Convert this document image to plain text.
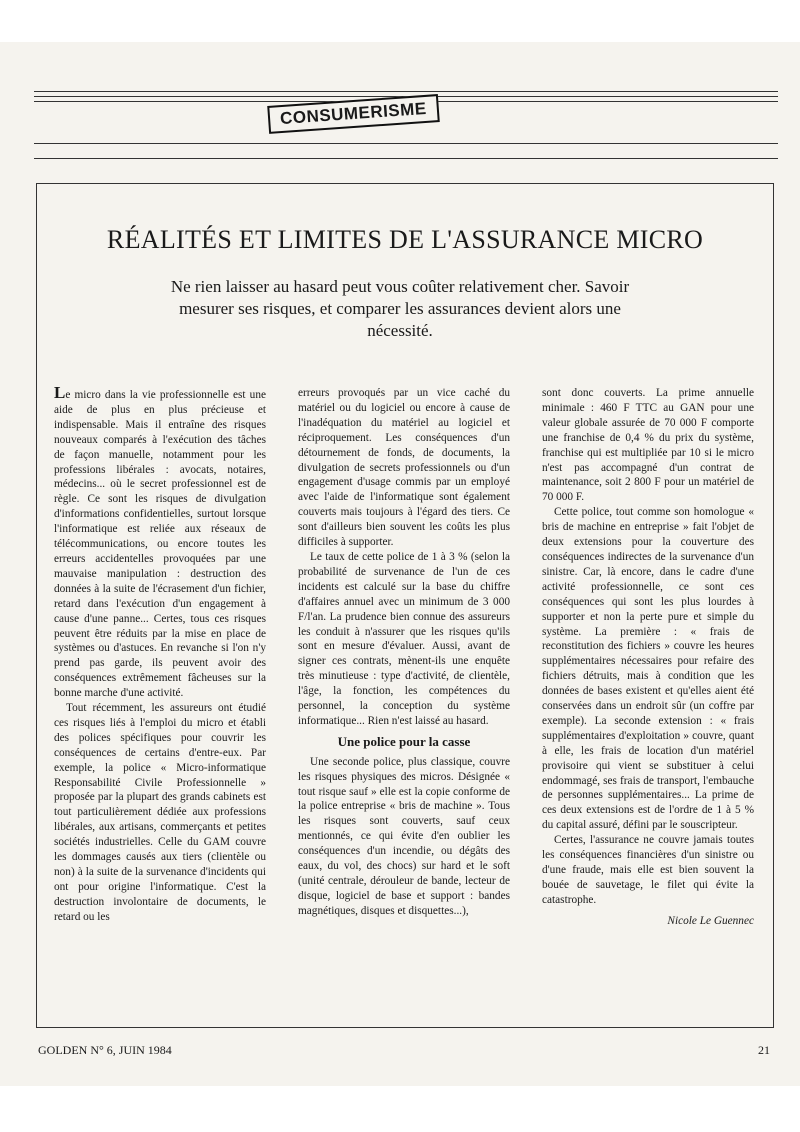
CONSUMERISME
RÉALITÉS ET LIMITES DE L'ASSURANCE MICRO

Ne rien laisser au hasard peut vous coûter relativement cher. Savoir mesurer ses risques, et comparer les assurances devient alors une nécessité.

Le micro dans la vie professionnelle est une aide de plus en plus précieuse et indispensable. Mais il entraîne des risques nouveaux comparés à l'exécution des tâches de façon manuelle, notamment pour les professions libérales : avocats, notaires, médecins... où le secret professionnel est de règle. Ce sont les risques de divulgation d'informations confidentielles, surtout lorsque l'informatique est reliée aux réseaux de télécommunications, ou encore toutes les erreurs accidentelles provoquées par une mauvaise manipulation : destruction des données à la suite de l'écrasement d'un fichier, retard dans l'exécution d'un engagement à cause d'une panne... Certes, tous ces risques peuvent être réduits par la mise en place de systèmes ou d'astuces. En revanche si l'on n'y prend pas garde, ils peuvent avoir des conséquences extrêmement fâcheuses sur la bonne marche d'une activité.

Tout récemment, les assureurs ont étudié ces risques liés à l'emploi du micro et établi des polices spécifiques pour couvrir les conséquences de certains d'entre-eux. Par exemple, la police « Micro-informatique Responsabilité Civile Professionnelle » proposée par la plupart des grands cabinets est tout particulièrement dédiée aux professions libérales, aux artisans, commerçants et petites sociétés industrielles. Celle du GAM couvre les dommages causés aux tiers (clientèle ou non) à la suite de la survenance d'incidents qui ont pour origine l'informatique. C'est la destruction involontaire de documents, le retard ou les

erreurs provoqués par un vice caché du matériel ou du logiciel ou encore à cause de l'inadéquation du matériel au logiciel et réciproquement. Les conséquences d'un détournement de fonds, de documents, la divulgation de secrets professionnels ou d'un engagement d'usage commis par un employé avec l'aide de l'informatique sont également couverts mais toujours à l'égard des tiers. Ce sont d'ailleurs bien souvent les coûts les plus difficiles à supporter.

Le taux de cette police de 1 à 3 % (selon la probabilité de survenance de l'un de ces incidents est calculé sur la base du chiffre d'affaires annuel avec un minimum de 3 000 F/l'an. La prudence bien connue des assureurs les conduit à n'assurer que les risques qu'ils sont en mesure d'évaluer. Aussi, avant de signer ces contrats, mènent-ils une enquête très minutieuse : type d'activité, de clientèle, l'âge, la fonction, les compétences du personnel, la conception du système informatique... Rien n'est laissé au hasard.

Une police pour la casse

Une seconde police, plus classique, couvre les risques physiques des micros. Désignée « tout risque sauf » elle est la copie conforme de la police entreprise « bris de machine ». Tous les risques sont couverts, sauf ceux mentionnés, ce qui évite d'en oublier les conséquences d'un incendie, ou dégâts des eaux, du vol, des chocs) sur hard et le soft (unité centrale, dérouleur de bande, lecteur de disque, logiciel de base et support : bandes magnétiques, disques et disquettes...),

sont donc couverts. La prime annuelle minimale : 460 F TTC au GAN pour une valeur globale assurée de 70 000 F comporte une franchise de 0,4 % du prix du système, franchise qui est multipliée par 10 si le micro n'est pas accompagné d'un contrat de maintenance, soit 2 800 F pour un matériel de 70 000 F.

Cette police, tout comme son homologue « bris de machine en entreprise » fait l'objet de deux extensions pour la couverture des conséquences indirectes de la survenance d'un sinistre. Car, là encore, dans le cadre d'une activité professionnelle, ce sont ces conséquences qui sont les plus lourdes à supporter et non la perte pure et simple du système. La première : « frais de reconstitution des fichiers » couvre les heures supplémentaires nécessaires pour refaire des fichiers détruits, mais à condition que les données de bases existent et qu'elles aient été conservées dans un endroit sûr (un coffre par exemple). La seconde extension : « frais supplémentaires d'exploitation » couvre, quant à elle, les frais de location d'un matériel provisoire qui vient se substituer à celui endommagé, ses frais de transport, l'embauche de personnes supplémentaires... La prime de ces deux extensions est de l'ordre de 1 à 5 % du capital assuré, défini par le souscripteur.

Certes, l'assurance ne couvre jamais toutes les conséquences financières d'un sinistre ou d'une fraude, mais elle est bien souvent la bouée de sauvetage, le filet qui évite la catastrophe.

Nicole Le Guennec
GOLDEN N° 6, JUIN 1984	21
